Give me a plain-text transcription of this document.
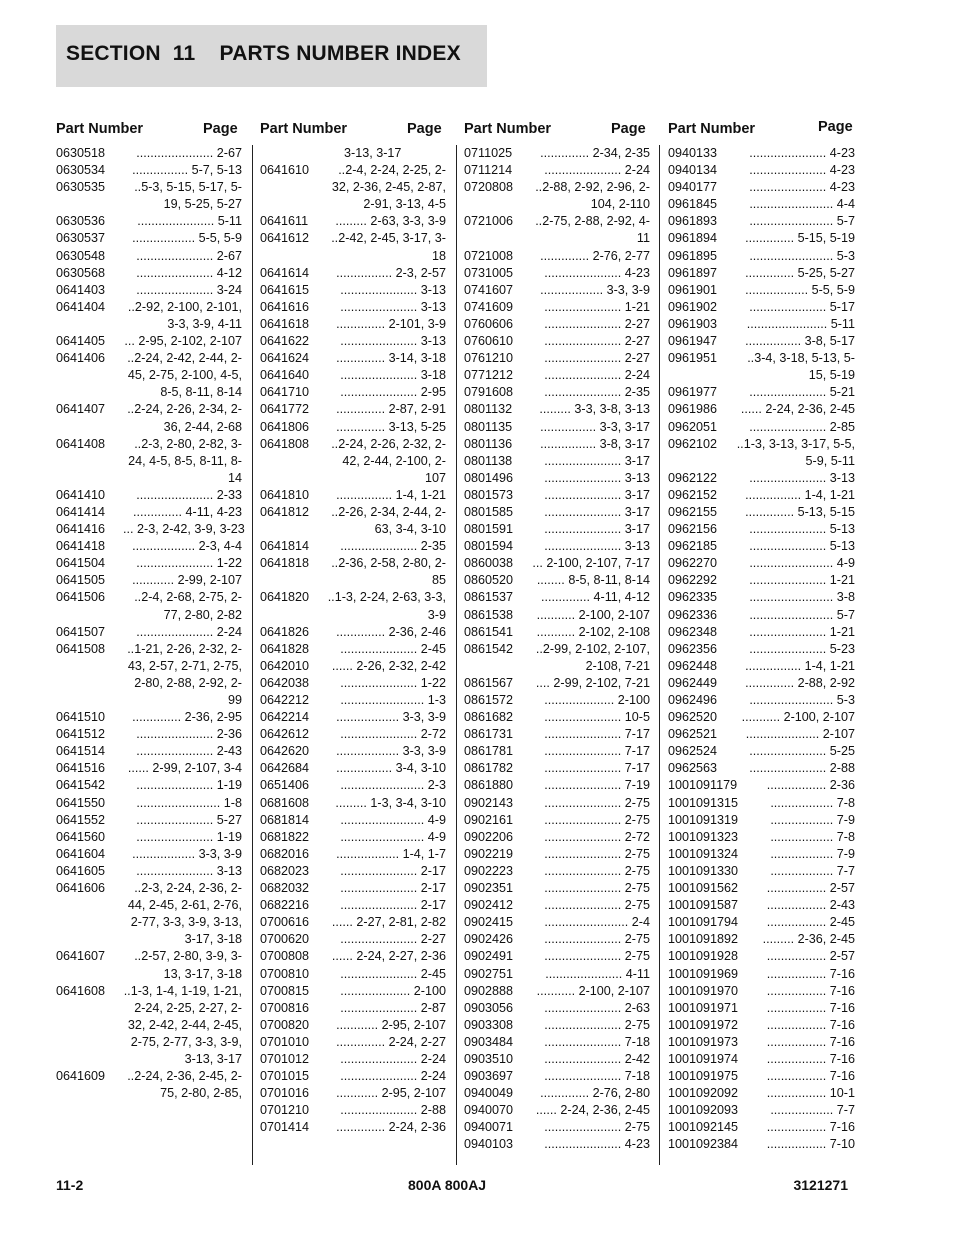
SECTION  11    PARTS NUMBER INDEX
Part Number	Page
0630518	...................... 2-67
0630534	................ 5-7, 5-13
0630535	..5-3, 5-15, 5-17, 5-19, 5-25, 5-27
0630536	...................... 5-11
0630537	.................. 5-5, 5-9
0630548	...................... 2-67
0630568	...................... 4-12
0641403	...................... 3-24
0641404	..2-92, 2-100, 2-101, 3-3, 3-9, 4-11
0641405	... 2-95, 2-102, 2-107
0641406	..2-24, 2-42, 2-44, 2-45, 2-75, 2-100, 4-5, 8-5, 8-11, 8-14
0641407	..2-24, 2-26, 2-34, 2-36, 2-44, 2-68
0641408	..2-3, 2-80, 2-82, 3-24, 4-5, 8-5, 8-11, 8-14
0641410	...................... 2-33
0641414	.............. 4-11, 4-23
0641416	... 2-3, 2-42, 3-9, 3-23
0641418	.................. 2-3, 4-4
0641504	...................... 1-22
0641505	............ 2-99, 2-107
0641506	..2-4, 2-68, 2-75, 2-77, 2-80, 2-82
0641507	...................... 2-24
0641508	..1-21, 2-26, 2-32, 2-43, 2-57, 2-71, 2-75, 2-80, 2-88, 2-92, 2-99
0641510	.............. 2-36, 2-95
0641512	...................... 2-36
0641514	...................... 2-43
0641516	...... 2-99, 2-107, 3-4
0641542	...................... 1-19
0641550	........................ 1-8
0641552	...................... 5-27
0641560	...................... 1-19
0641604	.................. 3-3, 3-9
0641605	...................... 3-13
0641606	..2-3, 2-24, 2-36, 2-44, 2-45, 2-61, 2-76, 2-77, 3-3, 3-9, 3-13, 3-17, 3-18
0641607	..2-57, 2-80, 3-9, 3-13, 3-17, 3-18
0641608	..1-3, 1-4, 1-19, 1-21, 2-24, 2-25, 2-27, 2-32, 2-42, 2-44, 2-45, 2-75, 2-77, 3-3, 3-9, 3-13, 3-17
0641609	..2-24, 2-36, 2-45, 2-75, 2-80, 2-85,
Part Number	Page
3-13, 3-17
0641610	..2-4, 2-24, 2-25, 2-32, 2-36, 2-45, 2-87, 2-91, 3-13, 4-5
0641611	......... 2-63, 3-3, 3-9
0641612	..2-42, 2-45, 3-17, 3-18
0641614	................ 2-3, 2-57
0641615	...................... 3-13
0641616	...................... 3-13
0641618	.............. 2-101, 3-9
0641622	...................... 3-13
0641624	.............. 3-14, 3-18
0641640	...................... 3-18
0641710	...................... 2-95
0641772	.............. 2-87, 2-91
0641806	.............. 3-13, 5-25
0641808	..2-24, 2-26, 2-32, 2-42, 2-44, 2-100, 2-107
0641810	................ 1-4, 1-21
0641812	..2-26, 2-34, 2-44, 2-63, 3-4, 3-10
0641814	...................... 2-35
0641818	..2-36, 2-58, 2-80, 2-85
0641820	..1-3, 2-24, 2-63, 3-3, 3-9
0641826	.............. 2-36, 2-46
0641828	...................... 2-45
0642010	...... 2-26, 2-32, 2-42
0642038	...................... 1-22
0642212	........................ 1-3
0642214	.................. 3-3, 3-9
0642612	...................... 2-72
0642620	.................. 3-3, 3-9
0642684	................ 3-4, 3-10
0651406	........................ 2-3
0681608	......... 1-3, 3-4, 3-10
0681814	........................ 4-9
0681822	........................ 4-9
0682016	.................. 1-4, 1-7
0682023	...................... 2-17
0682032	...................... 2-17
0682216	...................... 2-17
0700616	...... 2-27, 2-81, 2-82
0700620	...................... 2-27
0700808	...... 2-24, 2-27, 2-36
0700810	...................... 2-45
0700815	.................... 2-100
0700816	...................... 2-87
0700820	............ 2-95, 2-107
0701010	.............. 2-24, 2-27
0701012	...................... 2-24
0701015	...................... 2-24
0701016	............ 2-95, 2-107
0701210	...................... 2-88
0701414	.............. 2-24, 2-36
Part Number	Page
0711025	.............. 2-34, 2-35
0711214	...................... 2-24
0720808	..2-88, 2-92, 2-96, 2-104, 2-110
0721006	..2-75, 2-88, 2-92, 4-11
0721008	.............. 2-76, 2-77
0731005	...................... 4-23
0741607	.................. 3-3, 3-9
0741609	...................... 1-21
0760606	...................... 2-27
0760610	...................... 2-27
0761210	...................... 2-27
0771212	...................... 2-24
0791608	...................... 2-35
0801132	......... 3-3, 3-8, 3-13
0801135	................ 3-3, 3-17
0801136	................ 3-8, 3-17
0801138	...................... 3-17
0801496	...................... 3-13
0801573	...................... 3-17
0801585	...................... 3-17
0801591	...................... 3-17
0801594	...................... 3-13
0860038	... 2-100, 2-107, 7-17
0860520	........ 8-5, 8-11, 8-14
0861537	.............. 4-11, 4-12
0861538	........... 2-100, 2-107
0861541	........... 2-102, 2-108
0861542	..2-99, 2-102, 2-107, 2-108, 7-21
0861567	.... 2-99, 2-102, 7-21
0861572	.................... 2-100
0861682	...................... 10-5
0861731	...................... 7-17
0861781	...................... 7-17
0861782	...................... 7-17
0861880	...................... 7-19
0902143	...................... 2-75
0902161	...................... 2-75
0902206	...................... 2-72
0902219	...................... 2-75
0902223	...................... 2-75
0902351	...................... 2-75
0902412	...................... 2-75
0902415	........................ 2-4
0902426	...................... 2-75
0902491	...................... 2-75
0902751	...................... 4-11
0902888	........... 2-100, 2-107
0903056	...................... 2-63
0903308	...................... 2-75
0903484	...................... 7-18
0903510	...................... 2-42
0903697	...................... 7-18
0940049	.............. 2-76, 2-80
0940070	...... 2-24, 2-36, 2-45
0940071	...................... 2-75
0940103	...................... 4-23
Part Number	Page
0940133	...................... 4-23
0940134	...................... 4-23
0940177	...................... 4-23
0961845	........................ 4-4
0961893	........................ 5-7
0961894	.............. 5-15, 5-19
0961895	........................ 5-3
0961897	.............. 5-25, 5-27
0961901	.................. 5-5, 5-9
0961902	...................... 5-17
0961903	....................... 5-11
0961947	................ 3-8, 5-17
0961951	..3-4, 3-18, 5-13, 5-15, 5-19
0961977	...................... 5-21
0961986	...... 2-24, 2-36, 2-45
0962051	...................... 2-85
0962102	..1-3, 3-13, 3-17, 5-5, 5-9, 5-11
0962122	...................... 3-13
0962152	................ 1-4, 1-21
0962155	.............. 5-13, 5-15
0962156	...................... 5-13
0962185	...................... 5-13
0962270	........................ 4-9
0962292	...................... 1-21
0962335	........................ 3-8
0962336	........................ 5-7
0962348	...................... 1-21
0962356	...................... 5-23
0962448	................ 1-4, 1-21
0962449	.............. 2-88, 2-92
0962496	........................ 5-3
0962520	........... 2-100, 2-107
0962521	..................... 2-107
0962524	...................... 5-25
0962563	...................... 2-88
1001091179	................. 2-36
1001091315	.................. 7-8
1001091319	.................. 7-9
1001091323	.................. 7-8
1001091324	.................. 7-9
1001091330	.................. 7-7
1001091562	................. 2-57
1001091587	................. 2-43
1001091794	................. 2-45
1001091892	......... 2-36, 2-45
1001091928	................. 2-57
1001091969	................. 7-16
1001091970	................. 7-16
1001091971	................. 7-16
1001091972	................. 7-16
1001091973	................. 7-16
1001091974	................. 7-16
1001091975	................. 7-16
1001092092	................. 10-1
1001092093	.................. 7-7
1001092145	................. 7-16
1001092384	................. 7-10
11-2	800A 800AJ	3121271
